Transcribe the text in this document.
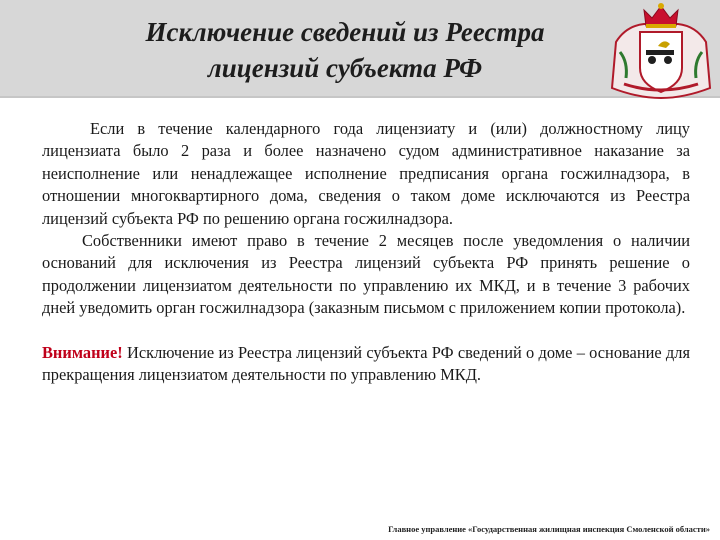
Исключение сведений из Реестра
лицензий субъекта РФ

Если в течение календарного года лицензиату и (или) должностному лицу лицензиата было 2 раза и более назначено судом административное наказание за неисполнение или ненадлежащее исполнение предписания органа госжилнадзора, в отношении многоквартирного дома, сведения о таком доме исключаются из Реестра лицензий субъекта РФ по решению органа госжилнадзора.

Собственники имеют право в течение 2 месяцев после уведомления о наличии оснований для исключения из Реестра лицензий субъекта РФ принять решение о продолжении лицензиатом деятельности по управлению их МКД, и в течение 3 рабочих дней уведомить орган госжилнадзора (заказным письмом с приложением копии протокола).

Внимание! Исключение из Реестра лицензий субъекта РФ сведений о доме – основание для прекращения лицензиатом деятельности по управлению МКД.

Главное управление «Государственная жилищная инспекция Смоленской области»
